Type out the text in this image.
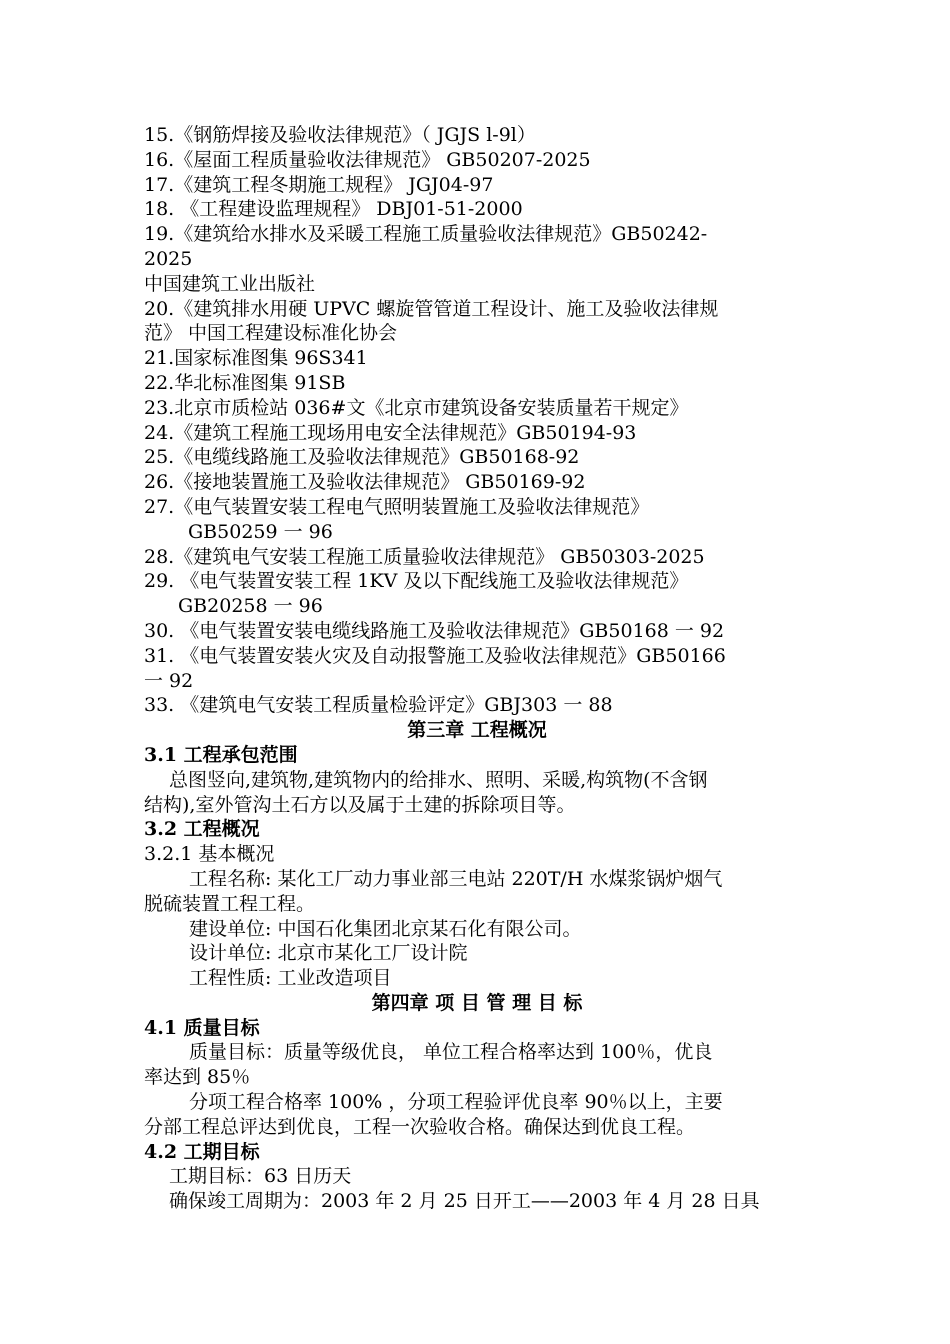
15.《钢筋焊接及验收法律规范》（ JGJS l-9l）
16.《屋面工程质量验收法律规范》 GB50207-2025
17.《建筑工程冬期施工规程》 JGJ04-97
18. 《工程建设监理规程》 DBJ01-51-2000
19.《建筑给水排水及采暖工程施工质量验收法律规范》GB50242-
2025
中国建筑工业出版社
20.《建筑排水用硬 UPVC 螺旋管管道工程设计、施工及验收法律规
范》 中国工程建设标准化协会
21.国家标准图集 96S341
22.华北标准图集 91SB
23.北京市质检站 036#文《北京市建筑设备安装质量若干规定》
24.《建筑工程施工现场用电安全法律规范》GB50194-93
25.《电缆线路施工及验收法律规范》GB50168-92
26.《接地装置施工及验收法律规范》 GB50169-92
27.《电气装置安装工程电气照明装置施工及验收法律规范》
GB50259 一 96
28.《建筑电气安装工程施工质量验收法律规范》 GB50303-2025
29. 《电气装置安装工程 1KV 及以下配线施工及验收法律规范》
GB20258 一 96
30. 《电气装置安装电缆线路施工及验收法律规范》GB50168 一 92
31. 《电气装置安装火灾及自动报警施工及验收法律规范》GB50166
一 92
33. 《建筑电气安装工程质量检验评定》GBJ303 一 88
第三章 工程概况
3.1 工程承包范围
总图竖向,建筑物,建筑物内的给排水、照明、采暖,构筑物(不含钢
结构),室外管沟土石方以及属于土建的拆除项目等。
3.2 工程概况
3.2.1 基本概况
工程名称: 某化工厂动力事业部三电站 220T/H 水煤浆锅炉烟气
脱硫装置工程工程。
建设单位: 中国石化集团北京某石化有限公司。
设计单位: 北京市某化工厂设计院
工程性质: 工业改造项目
第四章 项 目 管 理 目 标
4.1 质量目标
质量目标：质量等级优良， 单位工程合格率达到 100％，优良
率达到 85％
分项工程合格率 100% ，分项工程验评优良率 90％以上，主要
分部工程总评达到优良，工程一次验收合格。确保达到优良工程。
4.2 工期目标
工期目标：63 日历天
确保竣工周期为：2003 年 2 月 25 日开工——2003 年 4 月 28 日具
